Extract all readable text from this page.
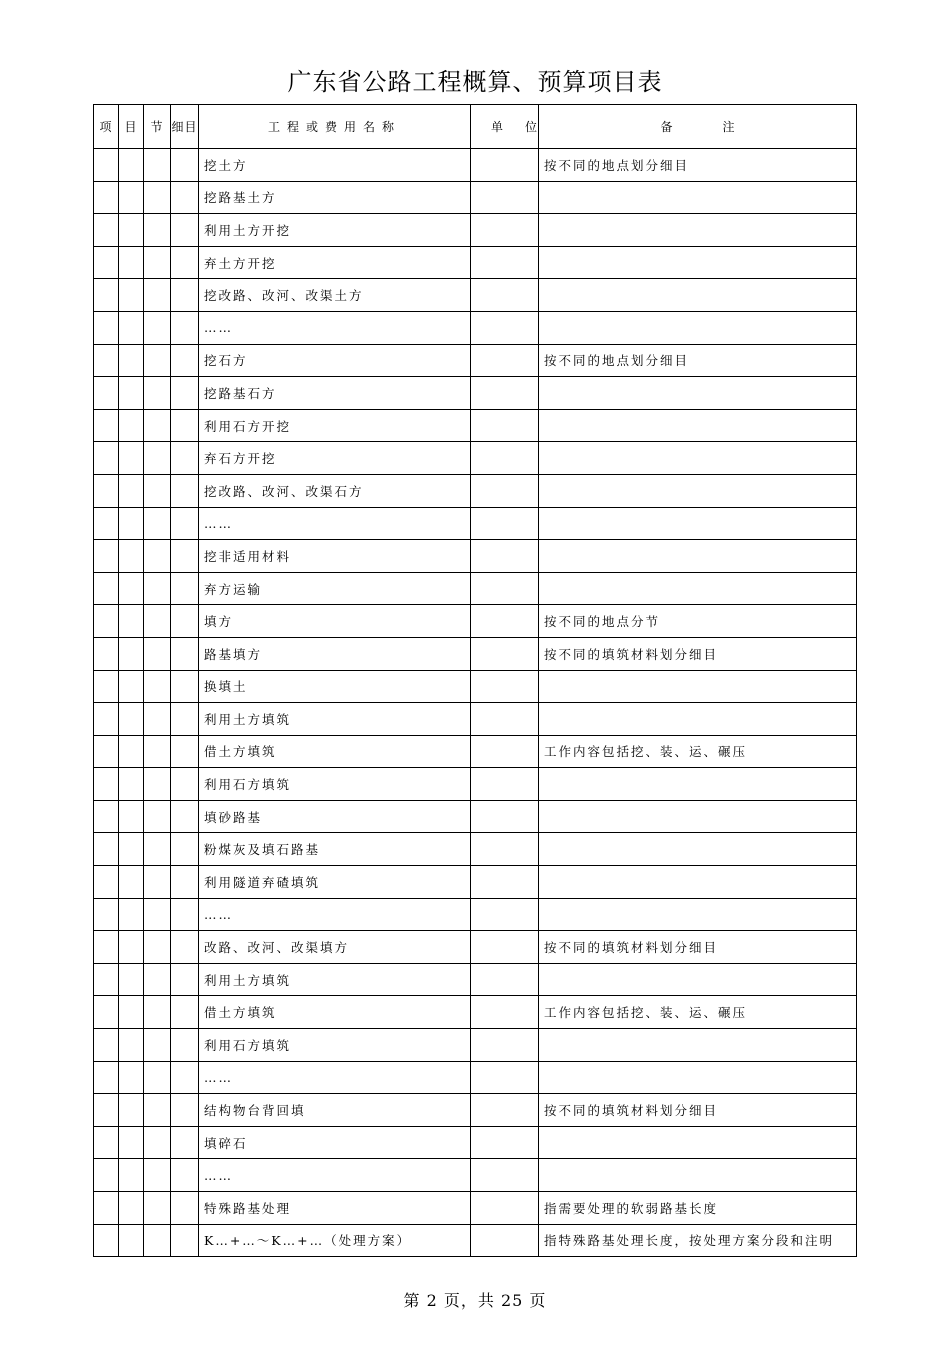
广东省公路工程概算、预算项目表
项	目	节	细目	工程或费用名称	单位	备注
				挖土方		按不同的地点划分细目
				挖路基土方		
				利用土方开挖		
				弃土方开挖		
				挖改路、改河、改渠土方		
				……		
				挖石方		按不同的地点划分细目
				挖路基石方		
				利用石方开挖		
				弃石方开挖		
				挖改路、改河、改渠石方		
				……		
				挖非适用材料		
				弃方运输		
				填方		按不同的地点分节
				路基填方		按不同的填筑材料划分细目
				换填土		
				利用土方填筑		
				借土方填筑		工作内容包括挖、装、运、碾压
				利用石方填筑		
				填砂路基		
				粉煤灰及填石路基		
				利用隧道弃碴填筑		
				……		
				改路、改河、改渠填方		按不同的填筑材料划分细目
				利用土方填筑		
				借土方填筑		工作内容包括挖、装、运、碾压
				利用石方填筑		
				……		
				结构物台背回填		按不同的填筑材料划分细目
				填碎石		
				……		
				特殊路基处理		指需要处理的软弱路基长度
				K…+…～K…+…（处理方案）		指特殊路基处理长度，按处理方案分段和注明
第 2 页，共 25 页
